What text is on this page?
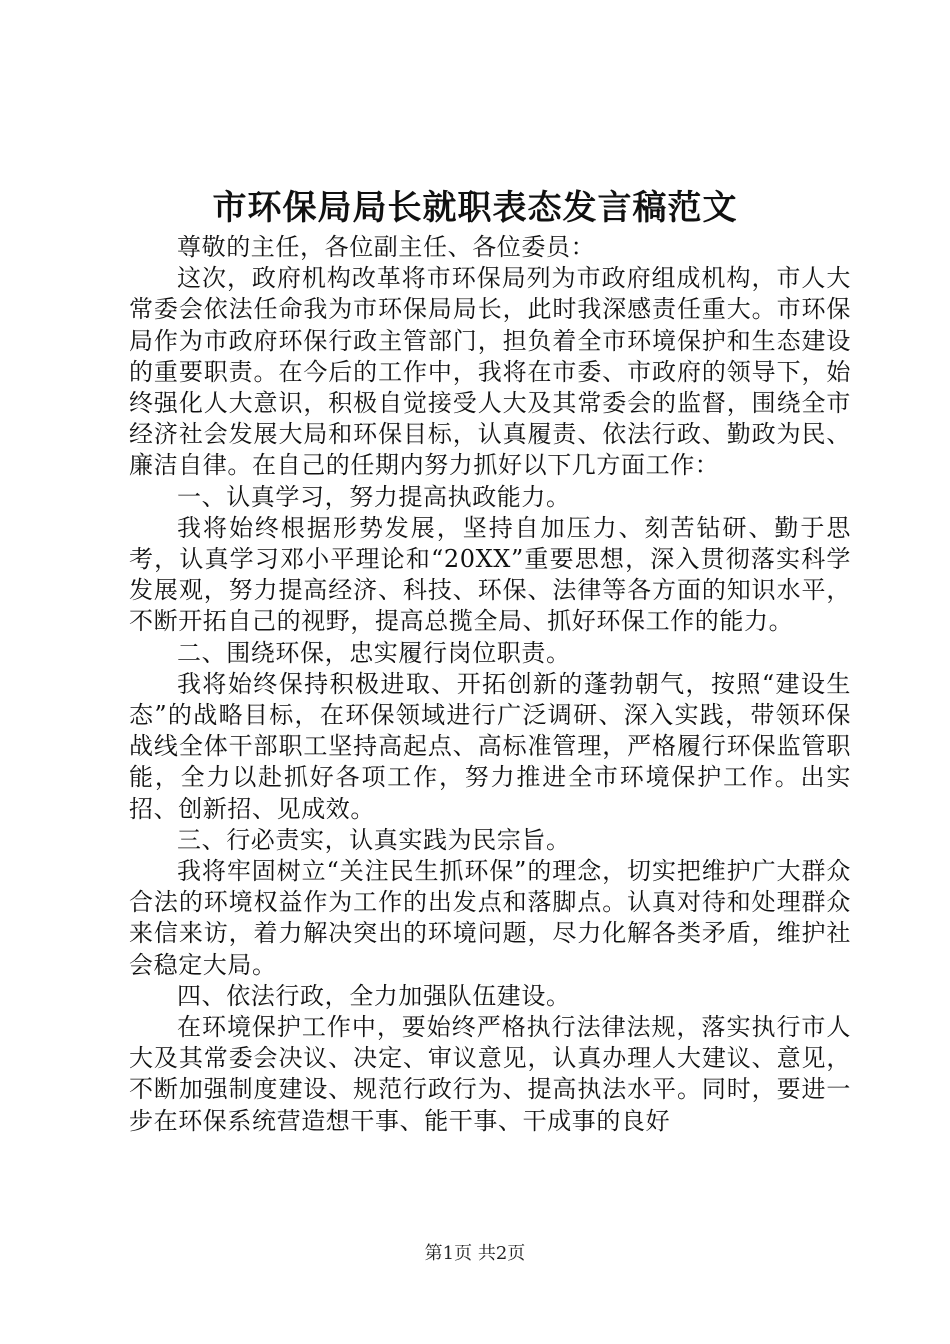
市环保局局长就职表态发言稿范文

尊敬的主任，各位副主任、各位委员：

这次，政府机构改革将市环保局列为市政府组成机构，市人大常委会依法任命我为市环保局局长，此时我深感责任重大。市环保局作为市政府环保行政主管部门，担负着全市环境保护和生态建设的重要职责。在今后的工作中，我将在市委、市政府的领导下，始终强化人大意识，积极自觉接受人大及其常委会的监督，围绕全市经济社会发展大局和环保目标，认真履责、依法行政、勤政为民、廉洁自律。在自己的任期内努力抓好以下几方面工作：

一、认真学习，努力提高执政能力。

我将始终根据形势发展，坚持自加压力、刻苦钻研、勤于思考，认真学习邓小平理论和“20XX”重要思想，深入贯彻落实科学发展观，努力提高经济、科技、环保、法律等各方面的知识水平，不断开拓自己的视野，提高总揽全局、抓好环保工作的能力。

二、围绕环保，忠实履行岗位职责。

我将始终保持积极进取、开拓创新的蓬勃朝气，按照“建设生态”的战略目标，在环保领域进行广泛调研、深入实践，带领环保战线全体干部职工坚持高起点、高标准管理，严格履行环保监管职能，全力以赴抓好各项工作，努力推进全市环境保护工作。出实招、创新招、见成效。

三、行必责实，认真实践为民宗旨。

我将牢固树立“关注民生抓环保”的理念，切实把维护广大群众合法的环境权益作为工作的出发点和落脚点。认真对待和处理群众来信来访，着力解决突出的环境问题，尽力化解各类矛盾，维护社会稳定大局。

四、依法行政，全力加强队伍建设。

在环境保护工作中，要始终严格执行法律法规，落实执行市人大及其常委会决议、决定、审议意见，认真办理人大建议、意见，不断加强制度建设、规范行政行为、提高执法水平。同时，要进一步在环保系统营造想干事、能干事、干成事的良好

第1页 共2页
